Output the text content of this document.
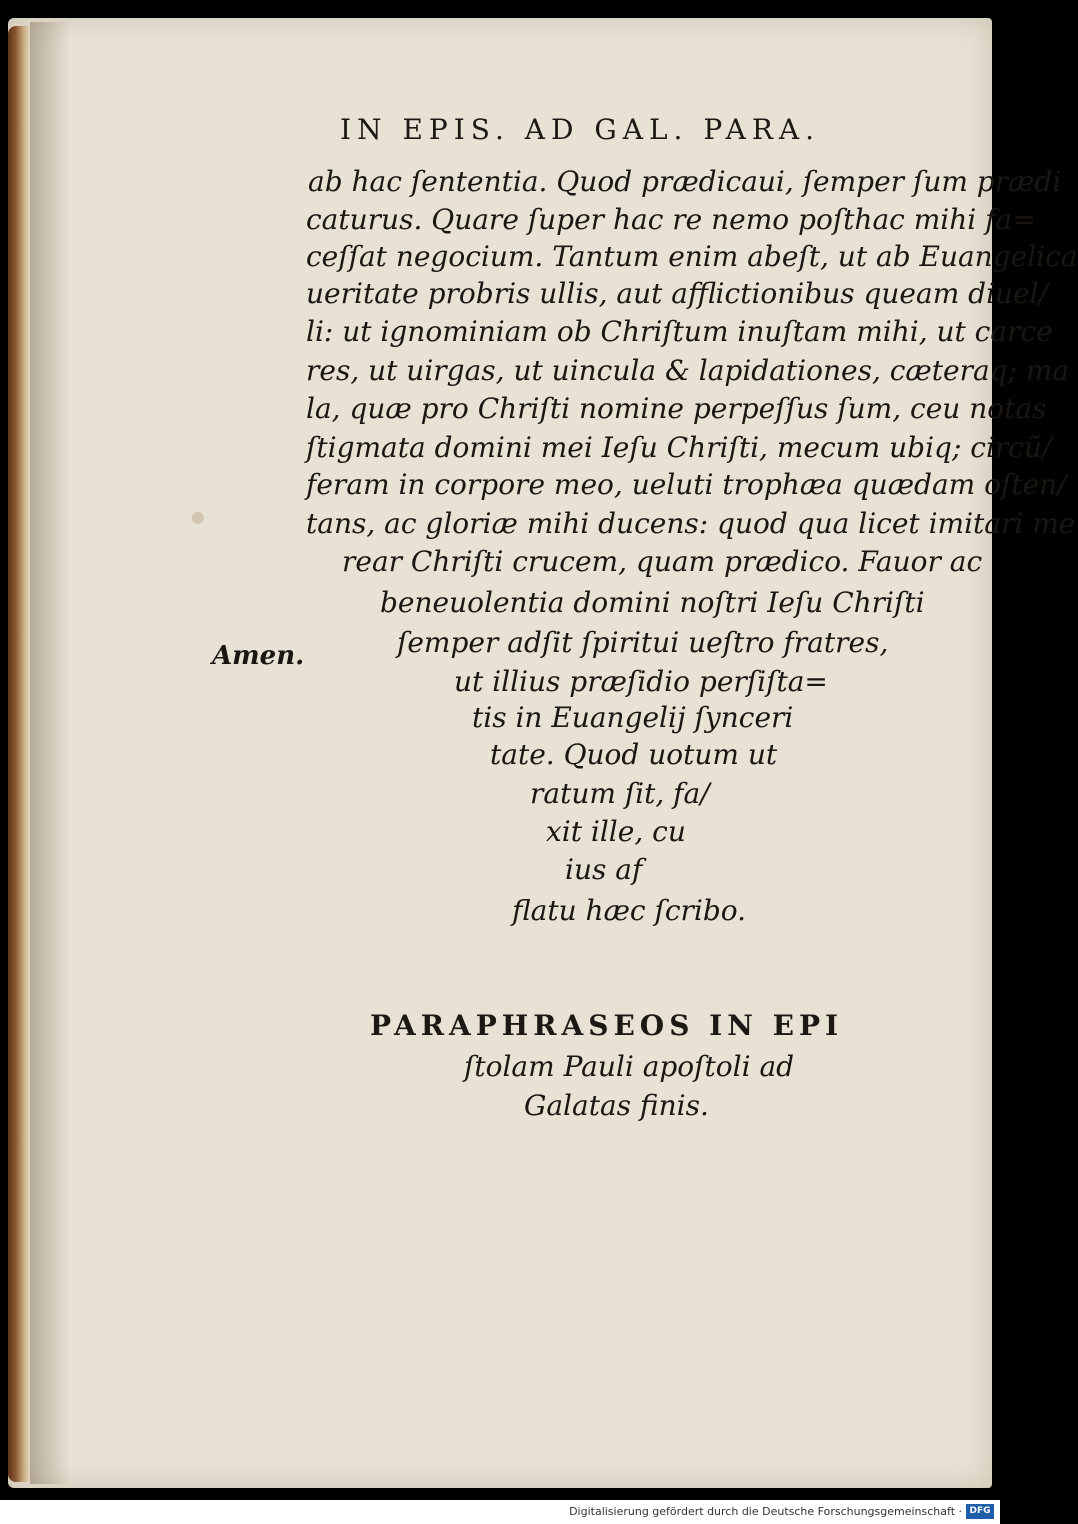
IN EPIS. AD GAL. PARA.
ab hac ſententia. Quod prædicaui, ſemper ſum prædi
caturus. Quare ſuper hac re nemo poſthac mihi fa=
ceſſat negocium. Tantum enim abeſt, ut ab Euangelica
ueritate probris ullis, aut afflictionibus queam diuel/
li: ut ignominiam ob Chriſtum inuſtam mihi, ut carce
res, ut uirgas, ut uincula & lapidationes, cæteraq; ma
la, quæ pro Chriſti nomine perpeſſus ſum, ceu notas
ſtigmata domini mei Ieſu Chriſti, mecum ubiq; circũ/
feram in corpore meo, ueluti trophæa quædam oſten/
tans, ac gloriæ mihi ducens: quod qua licet imitari me
rear Chriſti crucem, quam prædico. Fauor ac
beneuolentia domini noſtri Ieſu Chriſti
ſemper adſit ſpiritui ueſtro fratres,
ut illius præſidio perſiſta=
tis in Euangelij ſynceri
tate. Quod uotum ut
ratum ſit, fa/
xit ille, cu
ius af
flatu hæc ſcribo.
Amen.
PARAPHRASEOS IN EPI
ſtolam Pauli apoſtoli ad
Galatas finis.
Digitalisierung gefördert durch die Deutsche Forschungsgemeinschaft · DFG
